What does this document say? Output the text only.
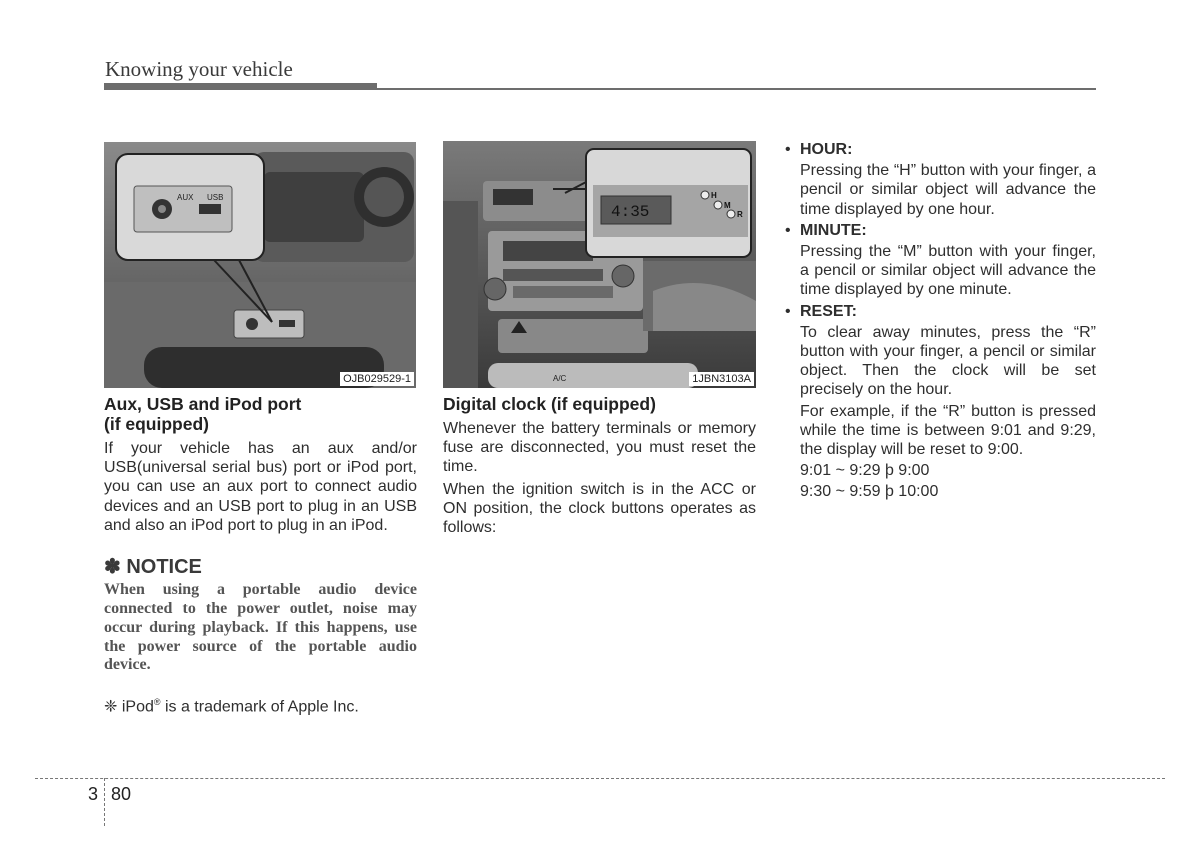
Knowing your vehicle
AUX USB
OJB029529-1	A/C
4:35
H
M
R
1JBN3103A
Aux, USB and iPod port
(if equipped)

If your vehicle has an aux and/or USB(universal serial bus) port or iPod port, you can use an aux port to connect audio devices and an USB port to plug in an USB and also an iPod port to plug in an iPod.

✽ NOTICE
When using a portable audio device connected to the power outlet, noise may occur during playback. If this happens, use the power source of the portable audio device.
❈ iPod® is a trademark of Apple Inc.
Digital clock (if equipped)

Whenever the battery terminals or memory fuse are disconnected, you must reset the time.

When the ignition switch is in the ACC or ON position, the clock buttons operates as follows:

• HOUR:

Pressing the “H” button with your finger, a pencil or similar object will advance the time displayed by one hour.

• MINUTE:

Pressing the “M” button with your finger, a pencil or similar object will advance the time displayed by one minute.

• RESET:

To clear away minutes, press the “R” button with your finger, a pencil or similar object. Then the clock will be set precisely on the hour.

For example, if the “R” button is pressed while the time is between 9:01 and 9:29, the display will be reset to 9:00.

9:01 ~ 9:29 þ 9:00

9:30 ~ 9:59 þ 10:00

3 80
